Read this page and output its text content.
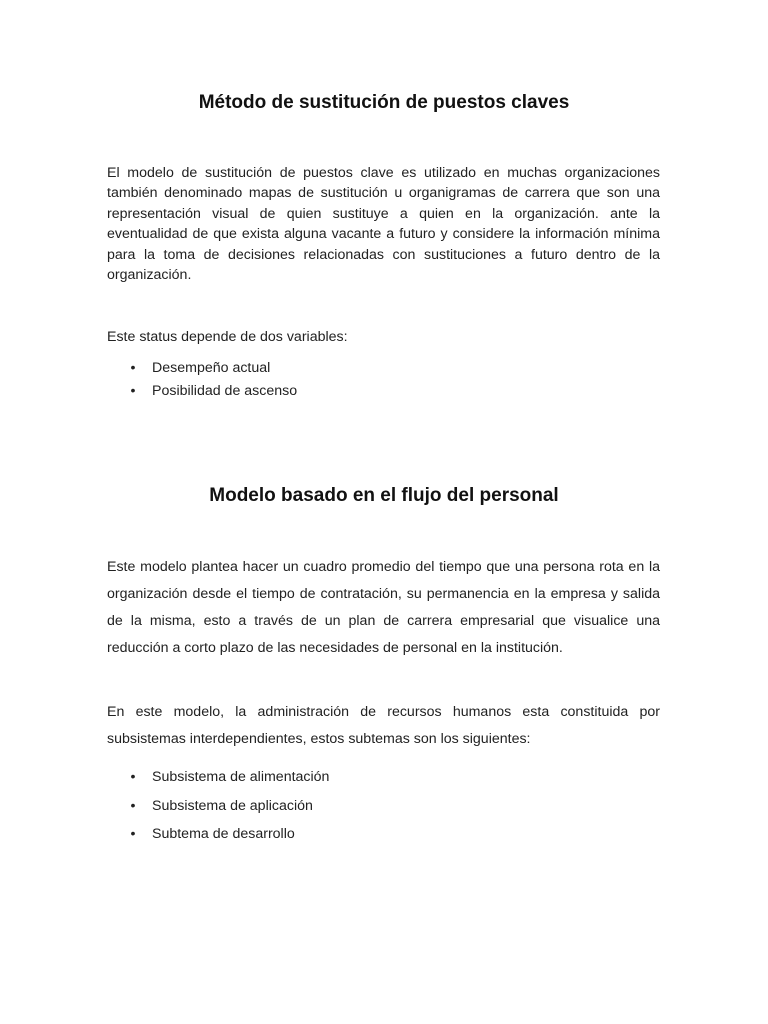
Método de sustitución de puestos claves

El modelo de sustitución de puestos clave es utilizado en muchas organizaciones también denominado mapas de sustitución u organigramas de carrera que son una representación visual de quien sustituye a quien en la organización. ante la eventualidad de que exista alguna vacante a futuro y considere la información mínima para la toma de decisiones relacionadas con sustituciones a futuro dentro de la organización.

Este status depende de dos variables:

• Desempeño actual
• Posibilidad de ascenso
Modelo basado en el flujo del personal

Este modelo plantea hacer un cuadro promedio del tiempo que una persona rota en la organización desde el tiempo de contratación, su permanencia en la empresa y salida de la misma, esto a través de un plan de carrera empresarial que visualice una reducción a corto plazo de las necesidades de personal en la institución.

En este modelo, la administración de recursos humanos esta constituida por subsistemas interdependientes, estos subtemas son los siguientes:

• Subsistema de alimentación
• Subsistema de aplicación
• Subtema de desarrollo
